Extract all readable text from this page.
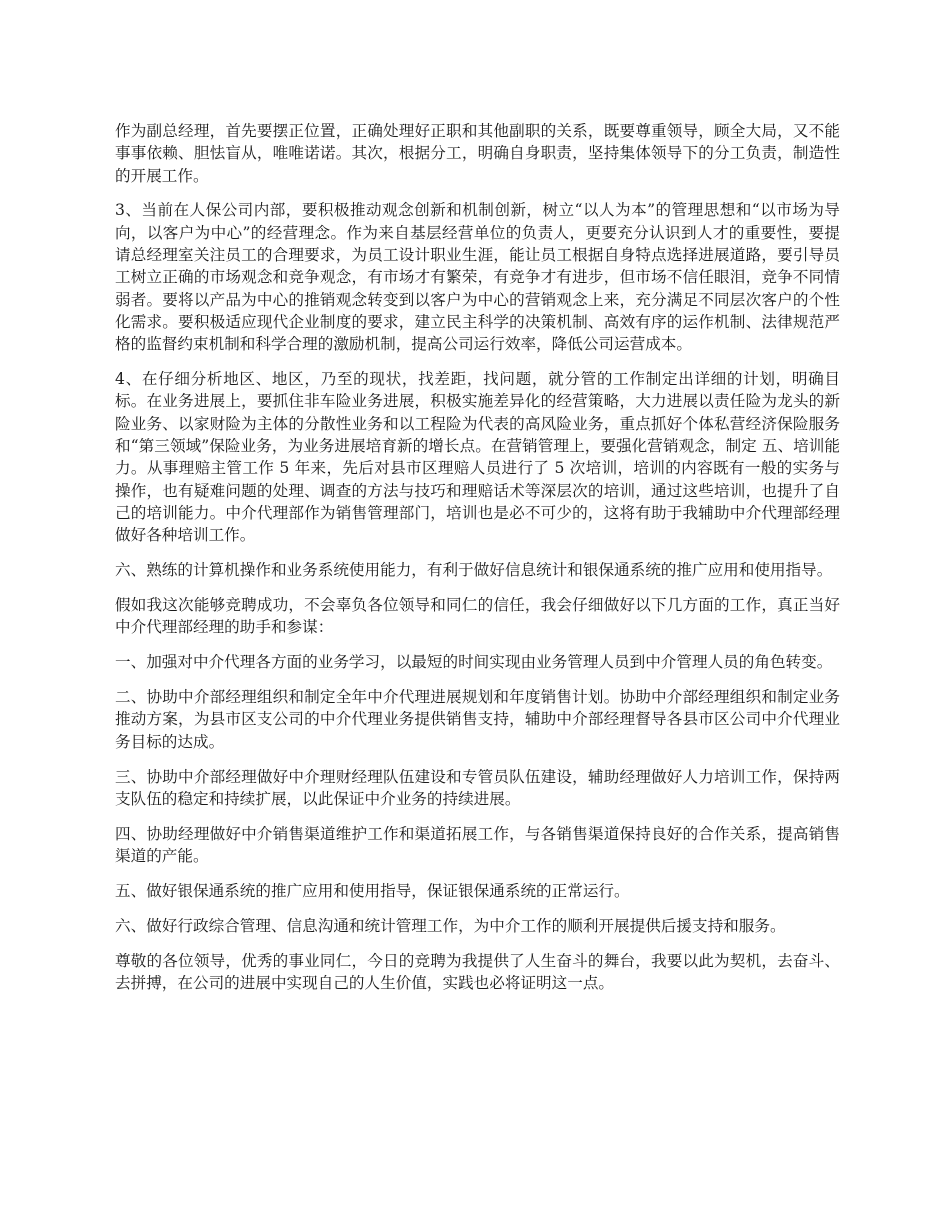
作为副总经理，首先要摆正位置，正确处理好正职和其他副职的关系，既要尊重领导，顾全大局，又不能事事依赖、胆怯盲从，唯唯诺诺。其次，根据分工，明确自身职责，坚持集体领导下的分工负责，制造性的开展工作。

3、当前在人保公司内部，要积极推动观念创新和机制创新，树立“以人为本”的管理思想和“以市场为导向，以客户为中心”的经营理念。作为来自基层经营单位的负责人，更要充分认识到人才的重要性，要提请总经理室关注员工的合理要求，为员工设计职业生涯，能让员工根据自身特点选择进展道路，要引导员工树立正确的市场观念和竞争观念，有市场才有繁荣，有竞争才有进步，但市场不信任眼泪，竞争不同情弱者。要将以产品为中心的推销观念转变到以客户为中心的营销观念上来，充分满足不同层次客户的个性化需求。要积极适应现代企业制度的要求，建立民主科学的决策机制、高效有序的运作机制、法律规范严格的监督约束机制和科学合理的激励机制，提高公司运行效率，降低公司运营成本。

4、在仔细分析地区、地区，乃至的现状，找差距，找问题，就分管的工作制定出详细的计划，明确目标。在业务进展上，要抓住非车险业务进展，积极实施差异化的经营策略，大力进展以责任险为龙头的新险业务、以家财险为主体的分散性业务和以工程险为代表的高风险业务，重点抓好个体私营经济保险服务和“第三领域”保险业务，为业务进展培育新的增长点。在营销管理上，要强化营销观念，制定 五、培训能力。从事理赔主管工作 5 年来，先后对县市区理赔人员进行了 5 次培训，培训的内容既有一般的实务与操作，也有疑难问题的处理、调查的方法与技巧和理赔话术等深层次的培训，通过这些培训，也提升了自己的培训能力。中介代理部作为销售管理部门，培训也是必不可少的，这将有助于我辅助中介代理部经理做好各种培训工作。

六、熟练的计算机操作和业务系统使用能力，有利于做好信息统计和银保通系统的推广应用和使用指导。

假如我这次能够竞聘成功，不会辜负各位领导和同仁的信任，我会仔细做好以下几方面的工作，真正当好中介代理部经理的助手和参谋：

一、加强对中介代理各方面的业务学习，以最短的时间实现由业务管理人员到中介管理人员的角色转变。

二、协助中介部经理组织和制定全年中介代理进展规划和年度销售计划。协助中介部经理组织和制定业务推动方案，为县市区支公司的中介代理业务提供销售支持，辅助中介部经理督导各县市区公司中介代理业务目标的达成。

三、协助中介部经理做好中介理财经理队伍建设和专管员队伍建设，辅助经理做好人力培训工作，保持两支队伍的稳定和持续扩展，以此保证中介业务的持续进展。

四、协助经理做好中介销售渠道维护工作和渠道拓展工作，与各销售渠道保持良好的合作关系，提高销售渠道的产能。

五、做好银保通系统的推广应用和使用指导，保证银保通系统的正常运行。

六、做好行政综合管理、信息沟通和统计管理工作，为中介工作的顺利开展提供后援支持和服务。

尊敬的各位领导，优秀的事业同仁，今日的竞聘为我提供了人生奋斗的舞台，我要以此为契机，去奋斗、去拼搏，在公司的进展中实现自己的人生价值，实践也必将证明这一点。
